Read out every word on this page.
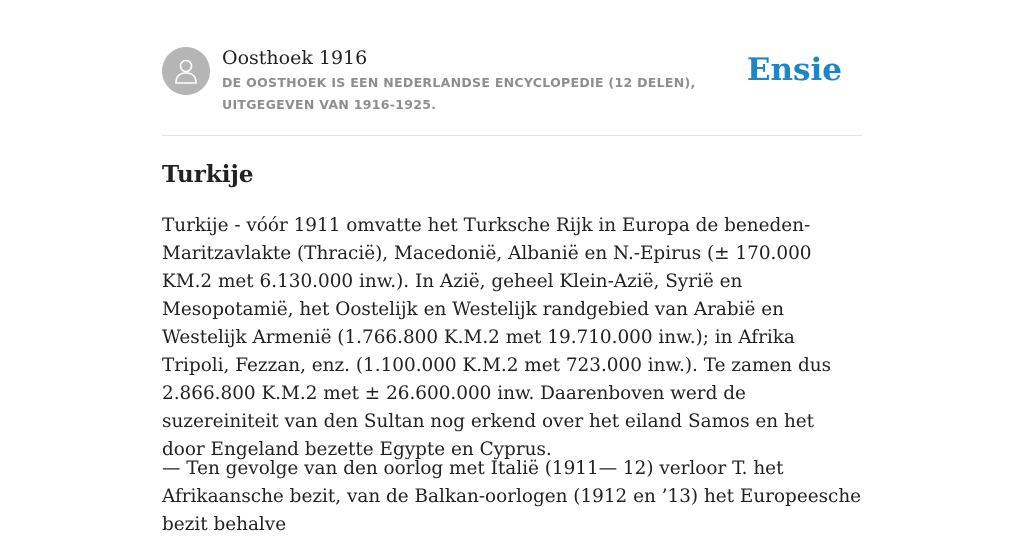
Oosthoek 1916
DE OOSTHOEK IS EEN NEDERLANDSE ENCYCLOPEDIE (12 DELEN), UITGEGEVEN VAN 1916-1925.
Ensie
Turkije

Turkije - vóór 1911 omvatte het Turksche Rijk in Europa de beneden-Maritzavlakte (Thracië), Macedonië, Albanië en N.-Epirus (± 170.000 KM.2 met 6.130.000 inw.). In Azië, geheel Klein-Azië, Syrië en Mesopotamië, het Oostelijk en Westelijk randgebied van Arabië en Westelijk Armenië (1.766.800 K.M.2 met 19.710.000 inw.); in Afrika Tripoli, Fezzan, enz. (1.100.000 K.M.2 met 723.000 inw.). Te zamen dus 2.866.800 K.M.2 met ± 26.600.000 inw. Daarenboven werd de suzereiniteit van den Sultan nog erkend over het eiland Samos en het door Engeland bezette Egypte en Cyprus.

— Ten gevolge van den oorlog met Italië (1911— 12) verloor T. het Afrikaansche bezit, van de Balkan-oorlogen (1912 en ’13) het Europeesche bezit behalve
